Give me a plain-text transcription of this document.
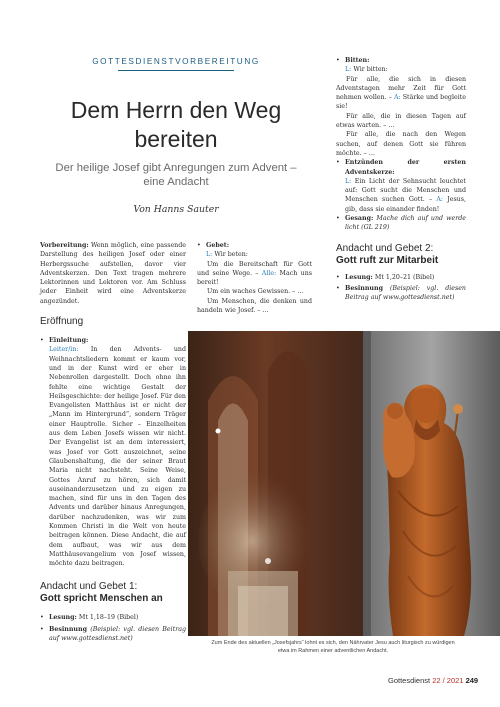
GOTTESDIENSTVORBEREITUNG
Dem Herrn den Weg
bereiten
Der heilige Josef gibt Anregungen zum Advent –
eine Andacht
Von Hanns Sauter

Vorbereitung: Wenn möglich, eine passende Darstellung des heiligen Josef oder einer Herbergssuche aufstellen, davor vier Adventskerzen. Den Text tragen mehrere Lektorinnen und Lektoren vor. Am Schluss jeder Einheit wird eine Adventskerze angezündet.

Eröffnung
• Einleitung:

Leiter/in: In den Advents- und Weihnachtsliedern kommt er kaum vor, und in der Kunst wird er eher in Nebenrollen dargestellt. Doch ohne ihn fehlte eine wichtige Gestalt der Heilsgeschichte: der heilige Josef. Für den Evangelisten Matthäus ist er nicht der „Mann im Hintergrund“, sondern Träger einer Hauptrolle. Sicher – Einzelheiten aus dem Leben Josefs wissen wir nicht. Der Evangelist ist an dem interessiert, was Josef vor Gott auszeichnet, seine Glaubenshaltung, die der seiner Braut Maria nicht nachsteht. Seine Weise, Gottes Anruf zu hören, sich damit auseinanderzusetzen und zu eigen zu machen, sind für uns in den Tagen des Advents und darüber hinaus Anregungen, darüber nachzudenken, was wir zum Kommen Christi in die Welt von heute beitragen können. Diese Andacht, die auf dem aufbaut, was wir aus dem Matthäusevangelium von Josef wissen, möchte dazu beitragen.

Andacht und Gebet 1:
Gott spricht Menschen an
• Lesung: Mt 1,18–19 (Bibel)
• Besinnung (Beispiel: vgl. diesen Beitrag auf www.gottesdienst.net)
• Gebet:

L: Wir beten:

Um die Bereitschaft für Gott und seine Wege. – Alle: Mach uns bereit!

Um ein waches Gewissen. – …

Um Menschen, die denken und handeln wie Josef. – …

• Bitten:

L: Wir bitten:

Für alle, die sich in diesen Adventstagen mehr Zeit für Gott nehmen wollen. – A: Stärke und begleite sie!

Für alle, die in diesen Tagen auf etwas warten. – …

Für alle, die nach den Wegen suchen, auf denen Gott sie führen möchte. – …

• Entzünden der ersten Adventskerze:

L: Ein Licht der Sehnsucht leuchtet auf: Gott sucht die Menschen und Menschen suchen Gott. – A: Jesus, gib, dass sie einander finden!

• Gesang: Mache dich auf und werde licht (GL 219)
Andacht und Gebet 2:
Gott ruft zur Mitarbeit
• Lesung: Mt 1,20–21 (Bibel)
• Besinnung (Beispiel: vgl. diesen Beitrag auf www.gottesdienst.net)
Zum Ende des aktuellen „Josefsjahrs“ lohnt es sich, den Nährvater Jesu auch liturgisch zu würdigen
etwa im Rahmen einer adventlichen Andacht.
Gottesdienst 22 / 2021 249
